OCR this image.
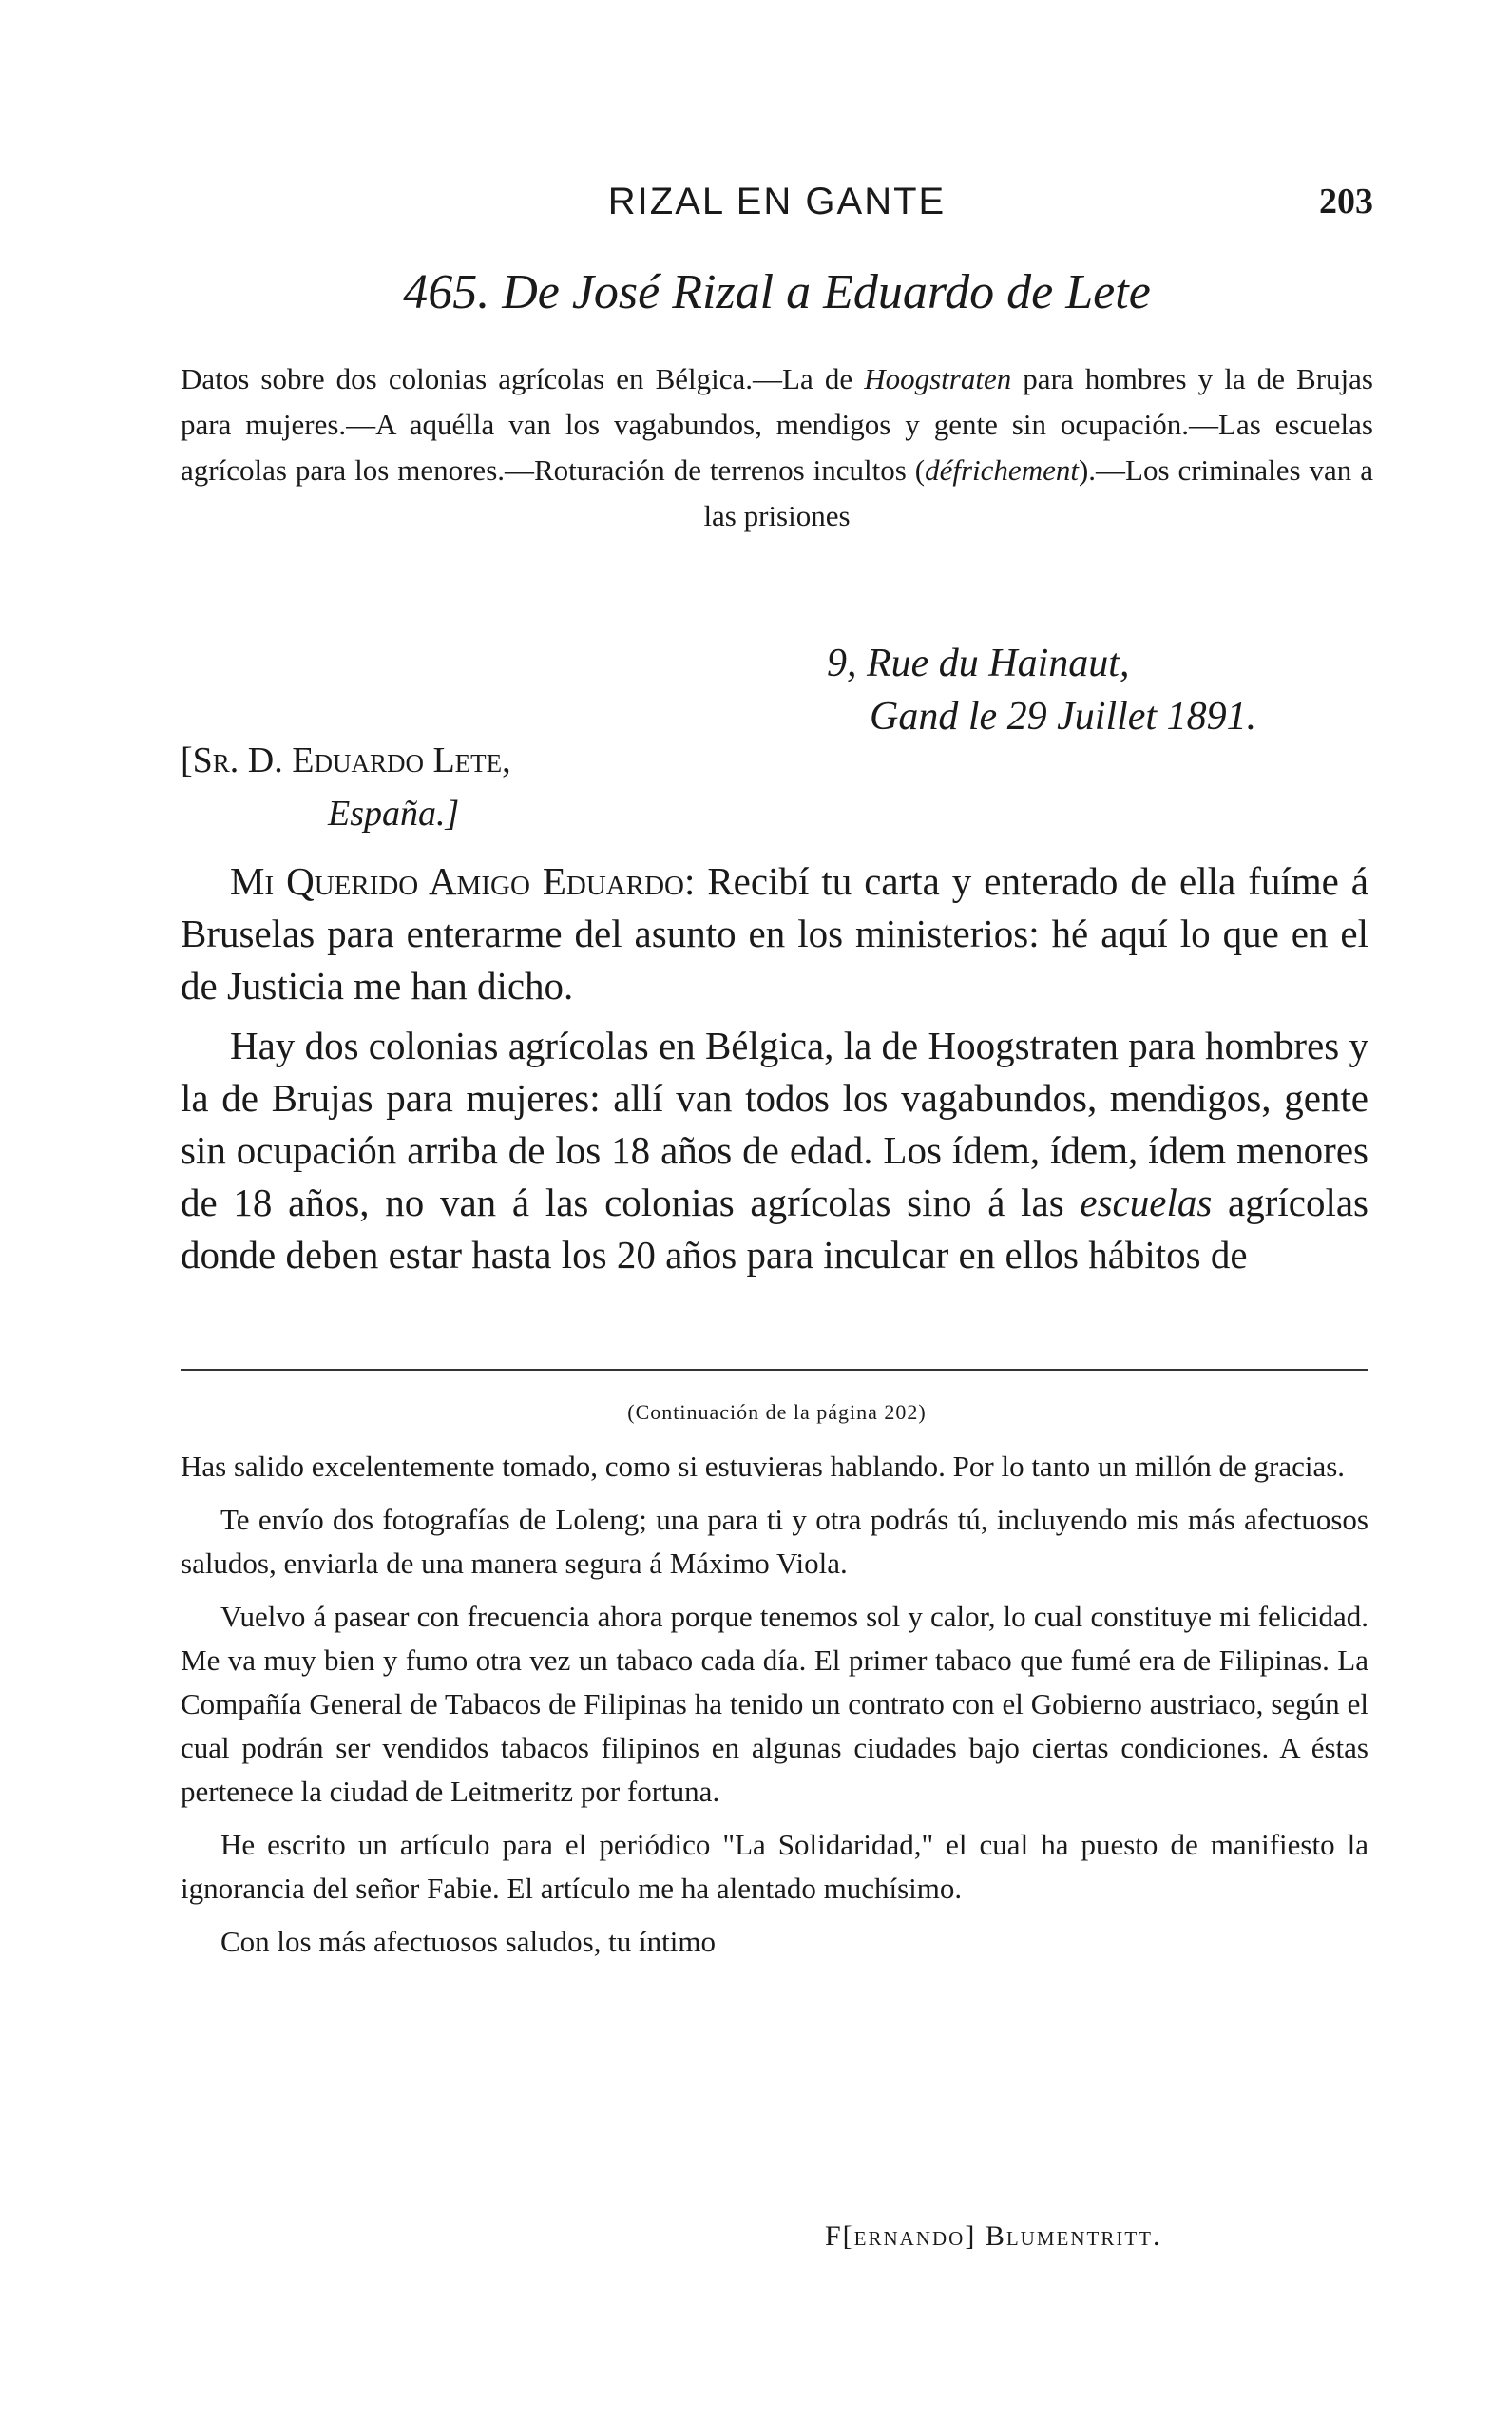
RIZAL EN GANTE	203
465. De José Rizal a Eduardo de Lete
Datos sobre dos colonias agrícolas en Bélgica.—La de Hoogstraten para hombres y la de Brujas para mujeres.—A aquélla van los vagabundos, mendigos y gente sin ocupación.—Las escuelas agrícolas para los menores.—Roturación de terrenos incultos (défrichement).—Los criminales van a las prisiones
9, Rue du Hainaut,
Gand le 29 Juillet 1891.
[Sr. D. Eduardo Lete,
España.]

Mi Querido Amigo Eduardo: Recibí tu carta y enterado de ella fuíme á Bruselas para enterarme del asunto en los ministerios: hé aquí lo que en el de Justicia me han dicho.

Hay dos colonias agrícolas en Bélgica, la de Hoogstraten para hombres y la de Brujas para mujeres: allí van todos los vagabundos, mendigos, gente sin ocupación arriba de los 18 años de edad. Los ídem, ídem, ídem menores de 18 años, no van á las colonias agrícolas sino á las escuelas agrícolas donde deben estar hasta los 20 años para inculcar en ellos hábitos de

(Continuación de la página 202)

Has salido excelentemente tomado, como si estuvieras hablando. Por lo tanto un millón de gracias.

Te envío dos fotografías de Loleng; una para ti y otra podrás tú, incluyendo mis más afectuosos saludos, enviarla de una manera segura á Máximo Viola.

Vuelvo á pasear con frecuencia ahora porque tenemos sol y calor, lo cual constituye mi felicidad. Me va muy bien y fumo otra vez un tabaco cada día. El primer tabaco que fumé era de Filipinas. La Compañía General de Tabacos de Filipinas ha tenido un contrato con el Gobierno austriaco, según el cual podrán ser vendidos tabacos filipinos en algunas ciudades bajo ciertas condiciones. A éstas pertenece la ciudad de Leitmeritz por fortuna.

He escrito un artículo para el periódico "La Solidaridad," el cual ha puesto de manifiesto la ignorancia del señor Fabie. El artículo me ha alentado muchísimo.

Con los más afectuosos saludos, tu íntimo

F[ernando] Blumentritt.
